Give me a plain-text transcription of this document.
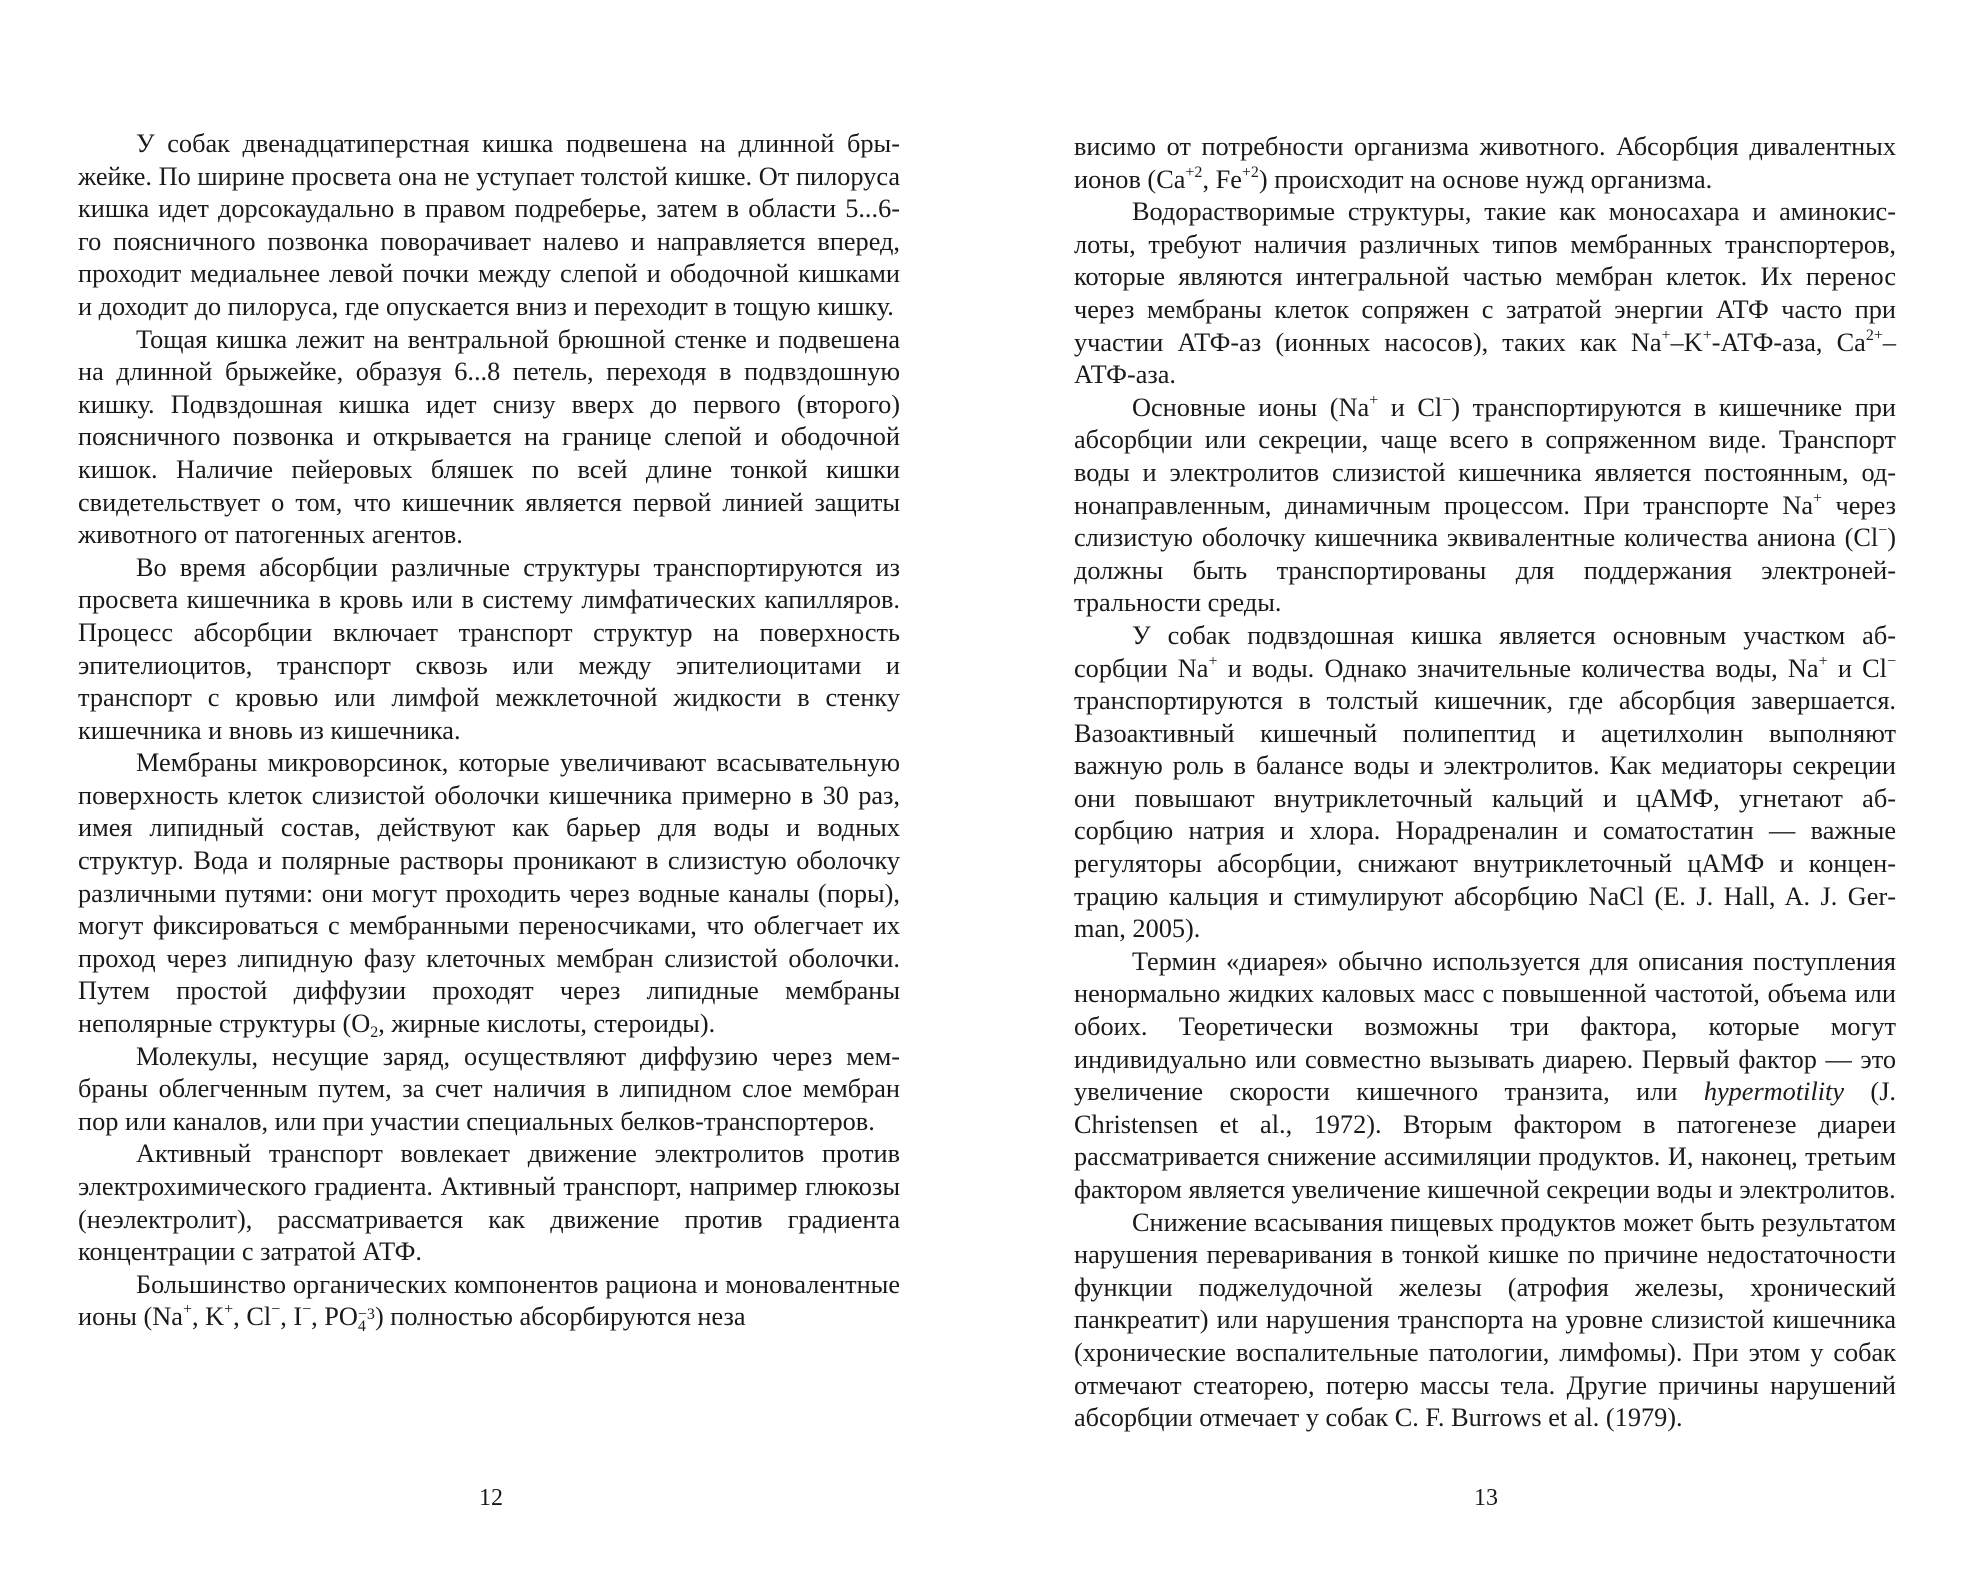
У собак двенадцатиперстная кишка подвешена на длинной брыжейке. По ширине просвета она не уступает толстой кишке. От пилоруса кишка идет дорсокаудально в правом подреберье, затем в области 5...6-го поясничного позвонка поворачивает налево и направляется вперед, проходит медиальнее левой почки между слепой и ободочной кишками и доходит до пилоруса, где опускается вниз и переходит в тощую кишку.

Тощая кишка лежит на вентральной брюшной стенке и подвешена на длинной брыжейке, образуя 6...8 петель, переходя в подвздошную кишку. Подвздошная кишка идет снизу вверх до первого (второго) поясничного позвонка и открывается на границе слепой и ободочной кишок. Наличие пейеровых бляшек по всей длине тонкой кишки свидетельствует о том, что кишечник является первой линией защиты животного от патогенных агентов.

Во время абсорбции различные структуры транспортируются из просвета кишечника в кровь или в систему лимфатических капилляров. Процесс абсорбции включает транспорт структур на поверхность эпителиоцитов, транспорт сквозь или между эпителиоцитами и транспорт с кровью или лимфой межклеточной жидкости в стенку кишечника и вновь из кишечника.

Мембраны микроворсинок, которые увеличивают всасывательную поверхность клеток слизистой оболочки кишечника примерно в 30 раз, имея липидный состав, действуют как барьер для воды и водных структур. Вода и полярные растворы проникают в слизистую оболочку различными путями: они могут проходить через водные каналы (поры), могут фиксироваться с мембранными переносчиками, что облегчает их проход через липидную фазу клеточных мембран слизистой оболочки. Путем простой диффузии проходят через липидные мембраны неполярные структуры ($O_2$, жирные кислоты, стероиды).

Молекулы, несущие заряд, осуществляют диффузию через мембраны облегченным путем, за счет наличия в липидном слое мембран пор или каналов, или при участии специальных белков-транспортеров.

Активный транспорт вовлекает движение электролитов против электрохимического градиента. Активный транспорт, например глюкозы (неэлектролит), рассматривается как движение против градиента концентрации с затратой АТФ.

Большинство органических компонентов рациона и моновалентные ионы (Na+, K+, Cl−, I−, PO −3
4 ) полностью абсорбируются неза

12

висимо от потребности организма животного. Абсорбция дивалентных ионов ($Ca^{+2}$, $Fe^{+2}$) происходит на основе нужд организма.

Водорастворимые структуры, такие как моносахара и аминокислоты, требуют наличия различных типов мембранных транспортеров, которые являются интегральной частью мембран клеток. Их перенос через мембраны клеток сопряжен с затратой энергии АТФ часто при участии АТФ-аз (ионных насосов), таких как Na+–K+-АТФ-аза, $Ca^{2+}-АТФ$-аза.

Основные ионы (Na+ и Cl−) транспортируются в кишечнике при абсорбции или секреции, чаще всего в сопряженном виде. Транспорт воды и электролитов слизистой кишечника является постоянным, однонаправленным, динамичным процессом. При транспорте Na+ через слизистую оболочку кишечника эквивалентные количества аниона (Cl−) должны быть транспортированы для поддержания электронейтральности среды.

У собак подвздошная кишка является основным участком абсорбции Na+ и воды. Однако значительные количества воды, Na+ и Cl− транспортируются в толстый кишечник, где абсорбция завершается. Вазоактивный кишечный полипептид и ацетилхолин выполняют важную роль в балансе воды и электролитов. Как медиаторы секреции они повышают внутриклеточный кальций и цАМФ, угнетают абсорбцию натрия и хлора. Норадреналин и соматостатин — важные регуляторы абсорбции, снижают внутриклеточный цАМФ и концентрацию кальция и стимулируют абсорбцию NaCl (E. J. Hall, A. J. German, 2005).

Термин «диарея» обычно используется для описания поступления ненормально жидких каловых масс с повышенной частотой, объема или обоих. Теоретически возможны три фактора, которые могут индивидуально или совместно вызывать диарею. Первый фактор — это увеличение скорости кишечного транзита, или hypermotility (J. Christensen et al., 1972). Вторым фактором в патогенезе диареи рассматривается снижение ассимиляции продуктов. И, наконец, третьим фактором является увеличение кишечной секреции воды и электролитов.

Снижение всасывания пищевых продуктов может быть результатом нарушения переваривания в тонкой кишке по причине недостаточности функции поджелудочной железы (атрофия железы, хронический панкреатит) или нарушения транспорта на уровне слизистой кишечника (хронические воспалительные патологии, лимфомы). При этом у собак отмечают стеаторею, потерю массы тела. Другие причины нарушений абсорбции отмечает у собак C. F. Burrows et al. (1979).

13
